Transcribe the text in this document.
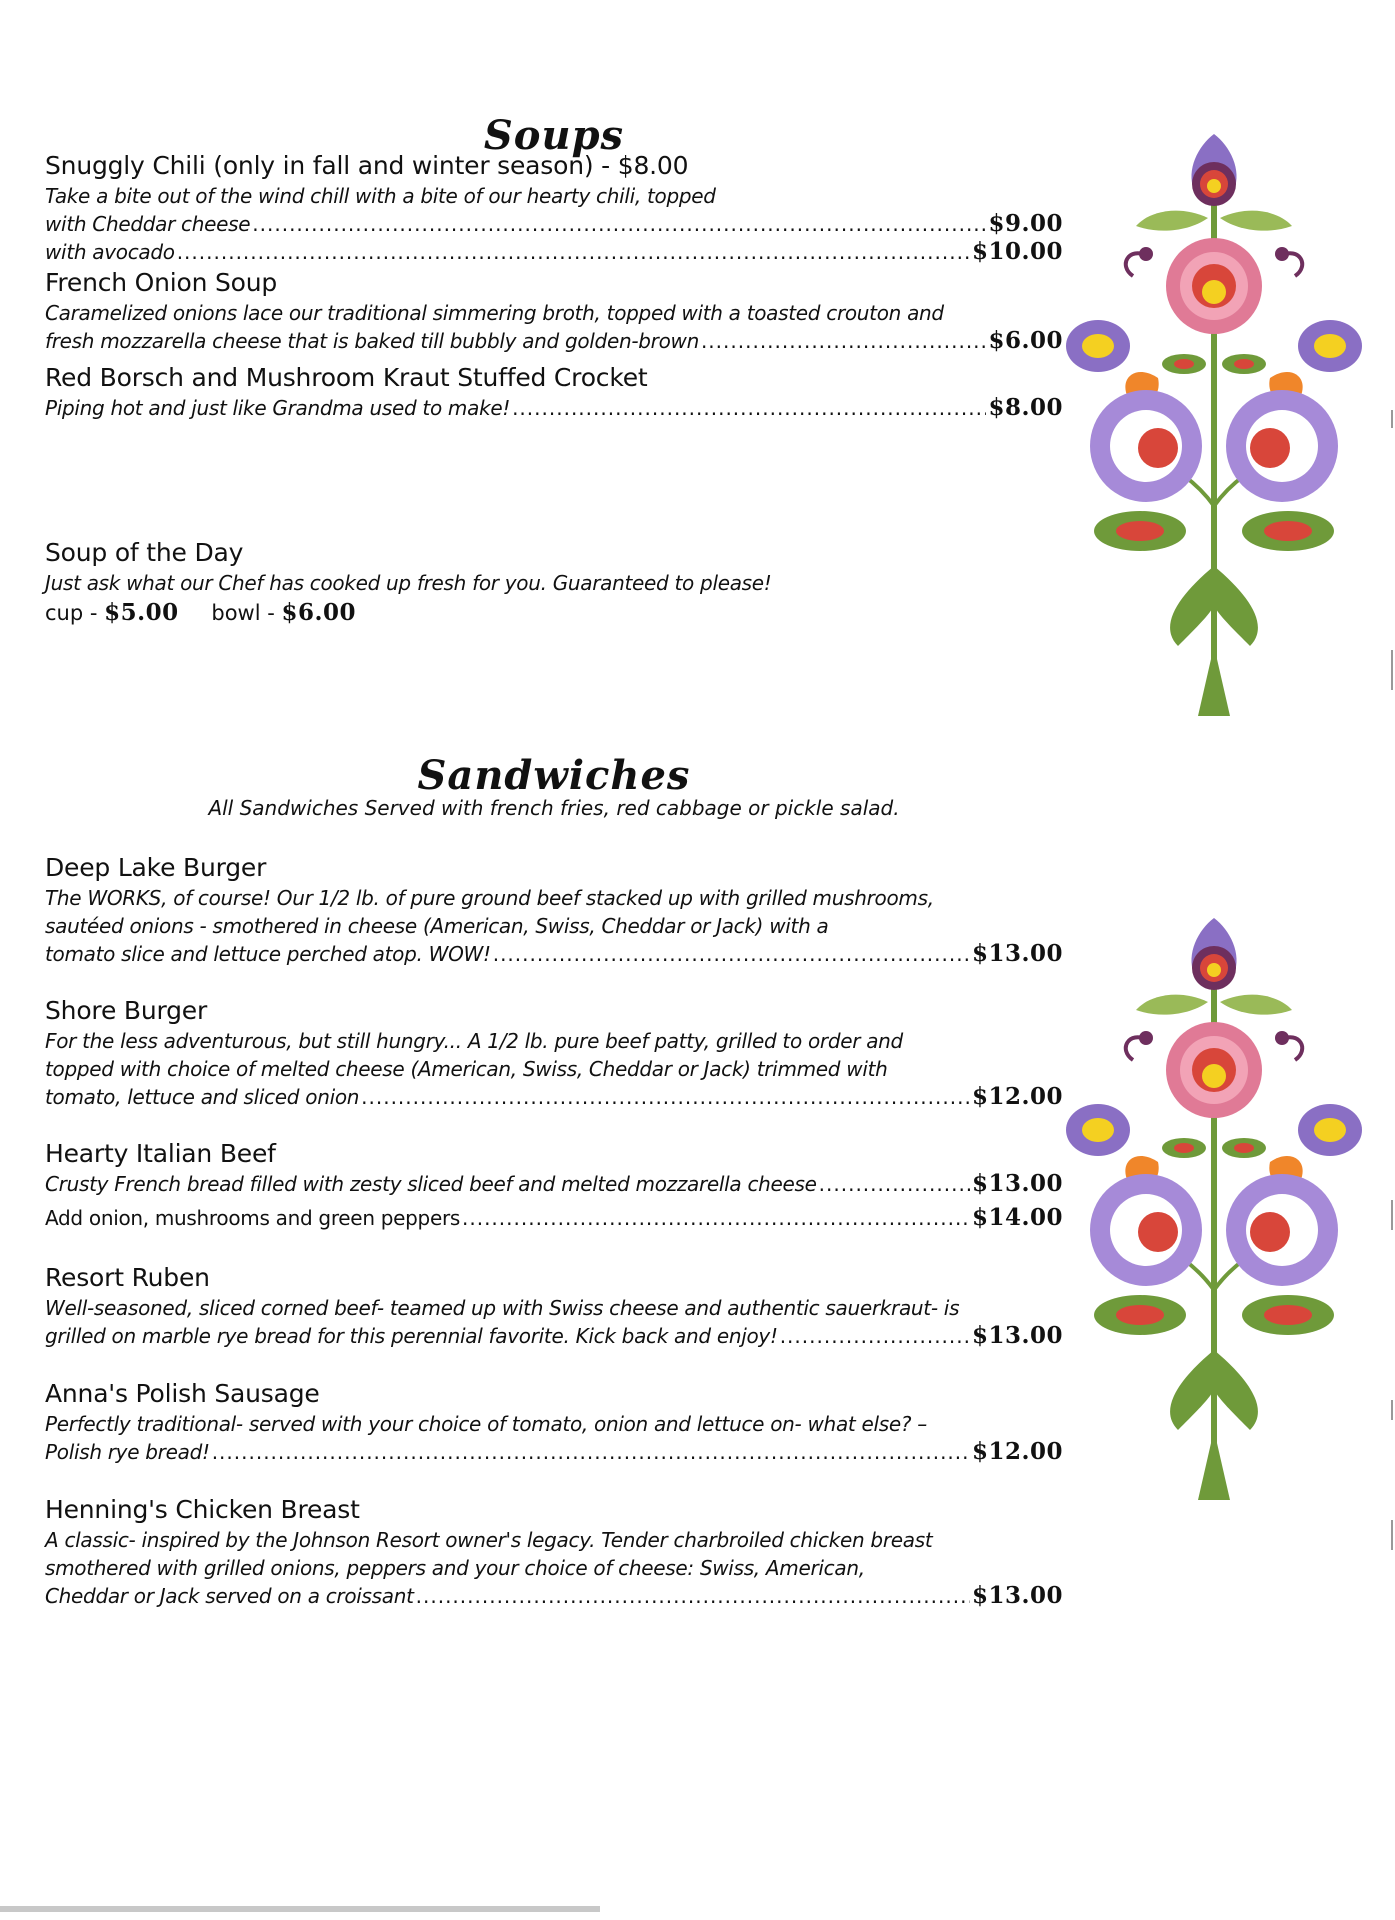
Soups
Snuggly Chili (only in fall and winter season) - $8.00
Take a bite out of the wind chill with a bite of our hearty chili, topped
with Cheddar cheese .....	$9.00
with avocado .....	$10.00
French Onion Soup
Caramelized onions lace our traditional simmering broth, topped with a toasted crouton and
fresh mozzarella cheese that is baked till bubbly and golden-brown .....	$6.00
Red Borsch and Mushroom Kraut Stuffed Crocket
Piping hot and just like Grandma used to make! .....	$8.00
Soup of the Day
Just ask what our Chef has cooked up fresh for you. Guaranteed to please!
cup - $5.00 bowl - $6.00
Sandwiches
All Sandwiches Served with french fries, red cabbage or pickle salad.
Deep Lake Burger
The WORKS, of course! Our 1/2 lb. of pure ground beef stacked up with grilled mushrooms,
sautéed onions - smothered in cheese (American, Swiss, Cheddar or Jack) with a
tomato slice and lettuce perched atop. WOW! .....	$13.00
Shore Burger
For the less adventurous, but still hungry... A 1/2 lb. pure beef patty, grilled to order and
topped with choice of melted cheese (American, Swiss, Cheddar or Jack) trimmed with
tomato, lettuce and sliced onion .....	$12.00
Hearty Italian Beef
Crusty French bread filled with zesty sliced beef and melted mozzarella cheese .....	$13.00
Add onion, mushrooms and green peppers .....	$14.00
Resort Ruben
Well-seasoned, sliced corned beef- teamed up with Swiss cheese and authentic sauerkraut- is
grilled on marble rye bread for this perennial favorite. Kick back and enjoy! .....	$13.00
Anna's Polish Sausage
Perfectly traditional- served with your choice of tomato, onion and lettuce on- what else? –
Polish rye bread! .....	$12.00
Henning's Chicken Breast
A classic- inspired by the Johnson Resort owner's legacy. Tender charbroiled chicken breast
smothered with grilled onions, peppers and your choice of cheese: Swiss, American,
Cheddar or Jack served on a croissant .....	$13.00
